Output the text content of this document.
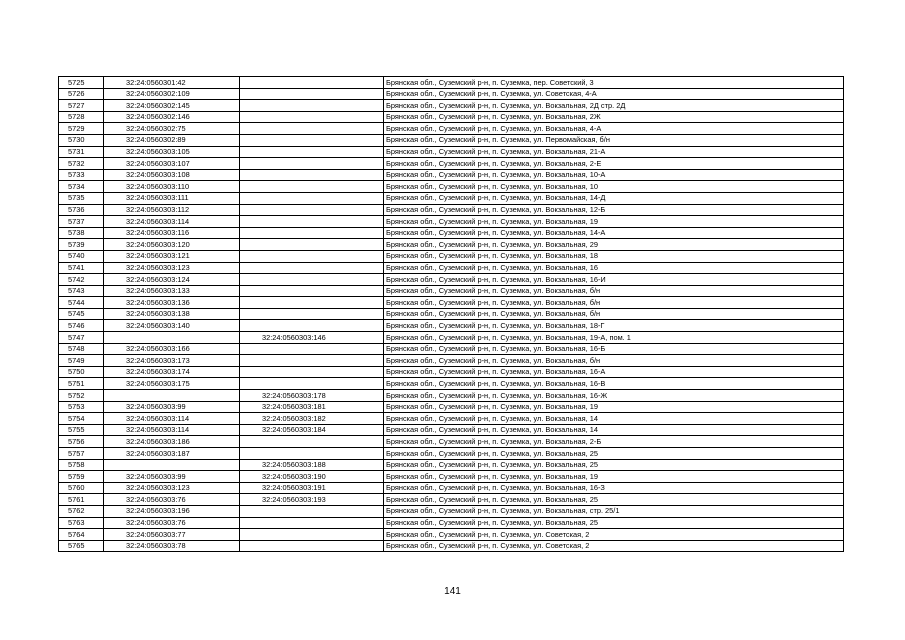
5725	32:24:0560301:42		Брянская обл., Суземский р-н, п. Суземка, пер. Советский, 3
5726	32:24:0560302:109		Брянская обл., Суземский р-н, п. Суземка, ул. Советская, 4-А
5727	32:24:0560302:145		Брянская обл., Суземский р-н, п. Суземка, ул. Вокзальная, 2Д стр. 2Д
5728	32:24:0560302:146		Брянская обл., Суземский р-н, п. Суземка, ул. Вокзальная, 2Ж
5729	32:24:0560302:75		Брянская обл., Суземский р-н, п. Суземка, ул. Вокзальная, 4-А
5730	32:24:0560302:89		Брянская обл., Суземский р-н, п. Суземка, ул. Первомайская, б/н
5731	32:24:0560303:105		Брянская обл., Суземский р-н, п. Суземка, ул. Вокзальная, 21-А
5732	32:24:0560303:107		Брянская обл., Суземский р-н, п. Суземка, ул. Вокзальная, 2-Е
5733	32:24:0560303:108		Брянская обл., Суземский р-н, п. Суземка, ул. Вокзальная, 10-А
5734	32:24:0560303:110		Брянская обл., Суземский р-н, п. Суземка, ул. Вокзальная, 10
5735	32:24:0560303:111		Брянская обл., Суземский р-н, п. Суземка, ул. Вокзальная, 14-Д
5736	32:24:0560303:112		Брянская обл., Суземский р-н, п. Суземка, ул. Вокзальная, 12-Б
5737	32:24:0560303:114		Брянская обл., Суземский р-н, п. Суземка, ул. Вокзальная, 19
5738	32:24:0560303:116		Брянская обл., Суземский р-н, п. Суземка, ул. Вокзальная, 14-А
5739	32:24:0560303:120		Брянская обл., Суземский р-н, п. Суземка, ул. Вокзальная, 29
5740	32:24:0560303:121		Брянская обл., Суземский р-н, п. Суземка, ул. Вокзальная, 18
5741	32:24:0560303:123		Брянская обл., Суземский р-н, п. Суземка, ул. Вокзальная, 16
5742	32:24:0560303:124		Брянская обл., Суземский р-н, п. Суземка, ул. Вокзальная, 16-И
5743	32:24:0560303:133		Брянская обл., Суземский р-н, п. Суземка, ул. Вокзальная, б/н
5744	32:24:0560303:136		Брянская обл., Суземский р-н, п. Суземка, ул. Вокзальная, б/н
5745	32:24:0560303:138		Брянская обл., Суземский р-н, п. Суземка, ул. Вокзальная, б/н
5746	32:24:0560303:140		Брянская обл., Суземский р-н, п. Суземка, ул. Вокзальная, 18-Г
5747		32:24:0560303:146	Брянская обл., Суземский р-н, п. Суземка, ул. Вокзальная, 19-А, пом. 1
5748	32:24:0560303:166		Брянская обл., Суземский р-н, п. Суземка, ул. Вокзальная, 16-Б
5749	32:24:0560303:173		Брянская обл., Суземский р-н, п. Суземка, ул. Вокзальная, б/н
5750	32:24:0560303:174		Брянская обл., Суземский р-н, п. Суземка, ул. Вокзальная, 16-А
5751	32:24:0560303:175		Брянская обл., Суземский р-н, п. Суземка, ул. Вокзальная, 16-В
5752		32:24:0560303:178	Брянская обл., Суземский р-н, п. Суземка, ул. Вокзальная, 16-Ж
5753	32:24:0560303:99	32:24:0560303:181	Брянская обл., Суземский р-н, п. Суземка, ул. Вокзальная, 19
5754	32:24:0560303:114	32:24:0560303:182	Брянская обл., Суземский р-н, п. Суземка, ул. Вокзальная, 14
5755	32:24:0560303:114	32:24:0560303:184	Брянская обл., Суземский р-н, п. Суземка, ул. Вокзальная, 14
5756	32:24:0560303:186		Брянская обл., Суземский р-н, п. Суземка, ул. Вокзальная, 2-Б
5757	32:24:0560303:187		Брянская обл., Суземский р-н, п. Суземка, ул. Вокзальная, 25
5758		32:24:0560303:188	Брянская обл., Суземский р-н, п. Суземка, ул. Вокзальная, 25
5759	32:24:0560303:99	32:24:0560303:190	Брянская обл., Суземский р-н, п. Суземка, ул. Вокзальная, 19
5760	32:24:0560303:123	32:24:0560303:191	Брянская обл., Суземский р-н, п. Суземка, ул. Вокзальная, 16-З
5761	32:24:0560303:76	32:24:0560303:193	Брянская обл., Суземский р-н, п. Суземка, ул. Вокзальная, 25
5762	32:24:0560303:196		Брянская обл., Суземский р-н, п. Суземка, ул. Вокзальная, стр. 25/1
5763	32:24:0560303:76		Брянская обл., Суземский р-н, п. Суземка, ул. Вокзальная, 25
5764	32:24:0560303:77		Брянская обл., Суземский р-н, п. Суземка, ул. Советская, 2
5765	32:24:0560303:78		Брянская обл., Суземский р-н, п. Суземка, ул. Советская, 2
141
